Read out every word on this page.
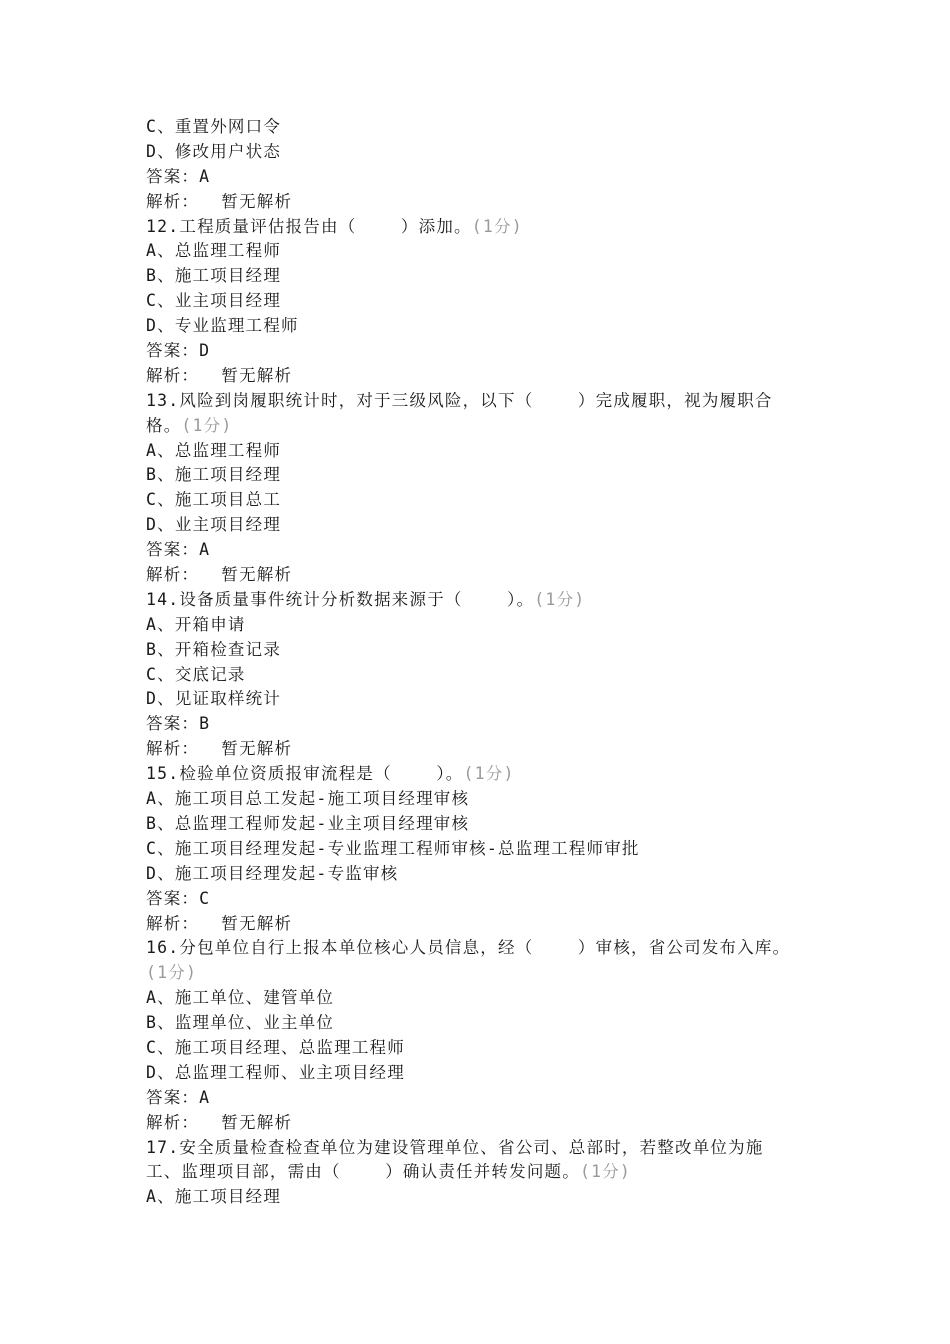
C、重置外网口令
D、修改用户状态
答案：A
解析：  暂无解析
12.工程质量评估报告由（    ）添加。(1分)
A、总监理工程师
B、施工项目经理
C、业主项目经理
D、专业监理工程师
答案：D
解析：  暂无解析
13.风险到岗履职统计时，对于三级风险，以下（    ）完成履职，视为履职合
格。(1分)
A、总监理工程师
B、施工项目经理
C、施工项目总工
D、业主项目经理
答案：A
解析：  暂无解析
14.设备质量事件统计分析数据来源于（    ）。(1分)
A、开箱申请
B、开箱检查记录
C、交底记录
D、见证取样统计
答案：B
解析：  暂无解析
15.检验单位资质报审流程是（    ）。(1分)
A、施工项目总工发起-施工项目经理审核
B、总监理工程师发起-业主项目经理审核
C、施工项目经理发起-专业监理工程师审核-总监理工程师审批
D、施工项目经理发起-专监审核
答案：C
解析：  暂无解析
16.分包单位自行上报本单位核心人员信息，经（    ）审核，省公司发布入库。
(1分)
A、施工单位、建管单位
B、监理单位、业主单位
C、施工项目经理、总监理工程师
D、总监理工程师、业主项目经理
答案：A
解析：  暂无解析
17.安全质量检查检查单位为建设管理单位、省公司、总部时，若整改单位为施
工、监理项目部，需由（    ）确认责任并转发问题。(1分)
A、施工项目经理
